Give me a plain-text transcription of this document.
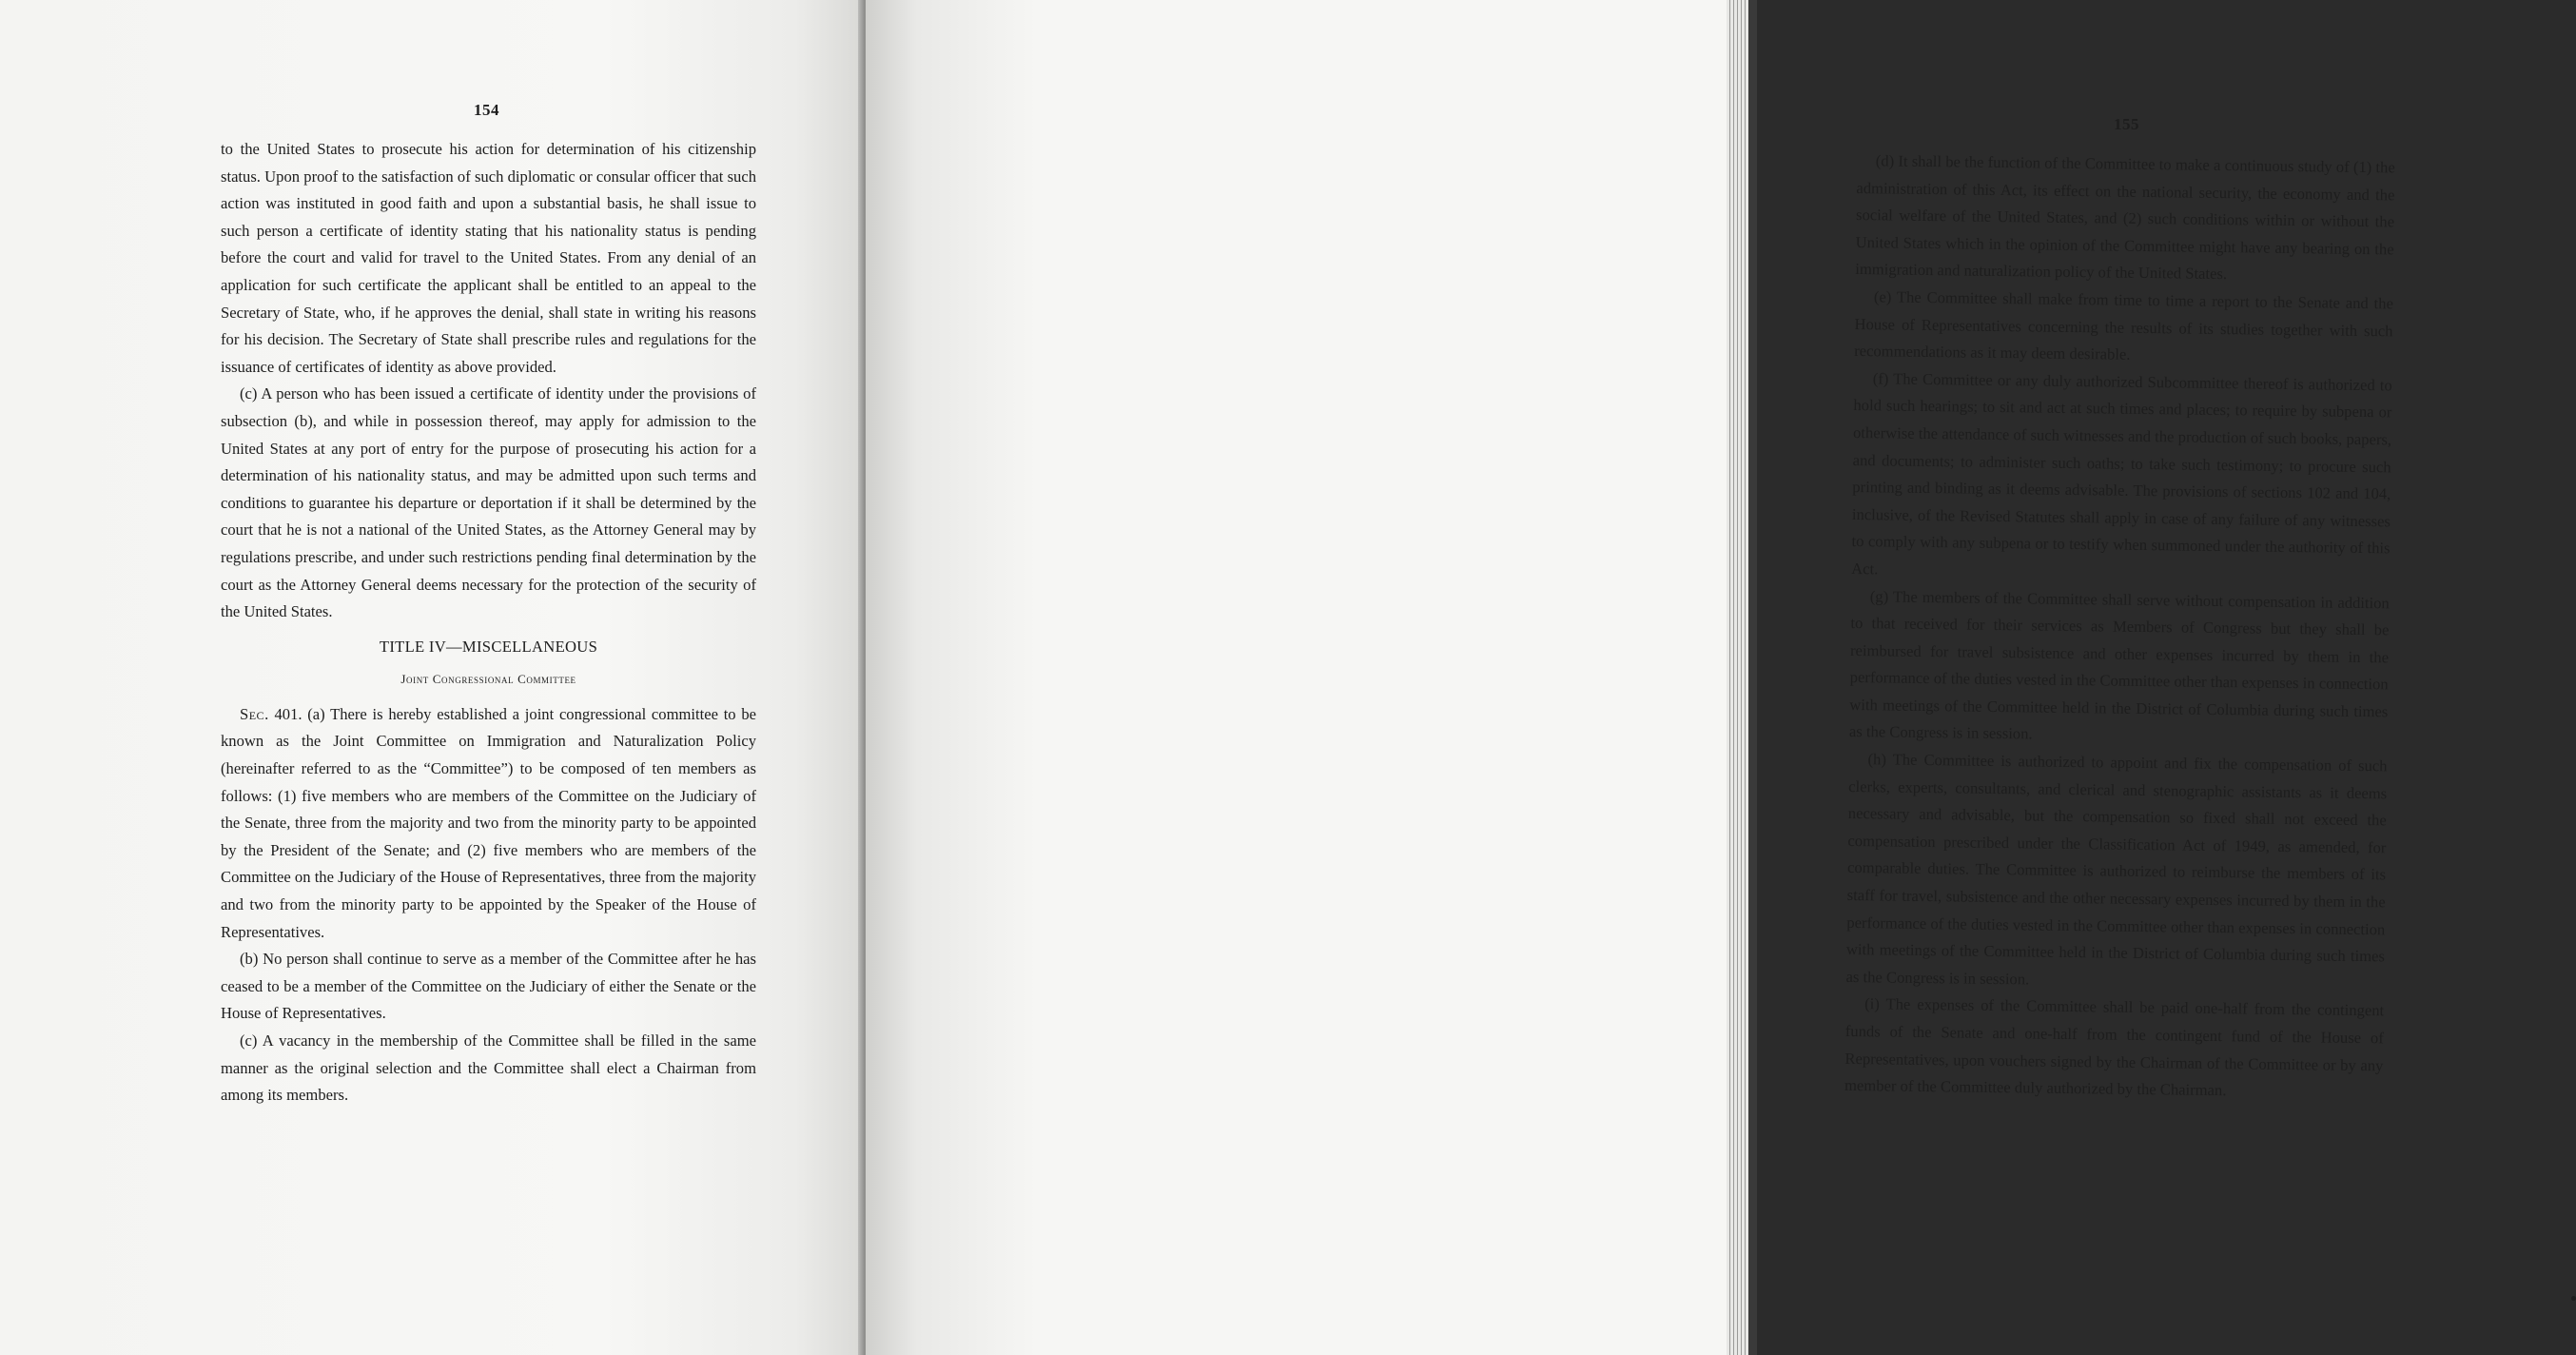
154

to the United States to prosecute his action for determination of his citizenship status. Upon proof to the satisfaction of such diplomatic or consular officer that such action was instituted in good faith and upon a substantial basis, he shall issue to such person a certificate of identity stating that his nationality status is pending before the court and valid for travel to the United States. From any denial of an application for such certificate the applicant shall be entitled to an appeal to the Secretary of State, who, if he approves the denial, shall state in writing his reasons for his decision. The Secretary of State shall prescribe rules and regulations for the issuance of certificates of identity as above provided.

(c) A person who has been issued a certificate of identity under the provisions of subsection (b), and while in possession thereof, may apply for admission to the United States at any port of entry for the purpose of prosecuting his action for a determination of his nationality status, and may be admitted upon such terms and conditions to guarantee his departure or deportation if it shall be determined by the court that he is not a national of the United States, as the Attorney General may by regulations prescribe, and under such restrictions pending final determination by the court as the Attorney General deems necessary for the protection of the security of the United States.

TITLE IV—MISCELLANEOUS
Joint Congressional Committee

Sec. 401. (a) There is hereby established a joint congressional committee to be known as the Joint Committee on Immigration and Naturalization Policy (hereinafter referred to as the “Committee”) to be composed of ten members as follows: (1) five members who are members of the Committee on the Judiciary of the Senate, three from the majority and two from the minority party to be appointed by the President of the Senate; and (2) five members who are members of the Committee on the Judiciary of the House of Representatives, three from the majority and two from the minority party to be appointed by the Speaker of the House of Representatives.

(b) No person shall continue to serve as a member of the Committee after he has ceased to be a member of the Committee on the Judiciary of either the Senate or the House of Representatives.

(c) A vacancy in the membership of the Committee shall be filled in the same manner as the original selection and the Committee shall elect a Chairman from among its members.

155

(d) It shall be the function of the Committee to make a continuous study of (1) the administration of this Act, its effect on the national security, the economy and the social welfare of the United States, and (2) such conditions within or without the United States which in the opinion of the Committee might have any bearing on the immigration and naturalization policy of the United States.

(e) The Committee shall make from time to time a report to the Senate and the House of Representatives concerning the results of its studies together with such recommendations as it may deem desirable.

(f) The Committee or any duly authorized Subcommittee thereof is authorized to hold such hearings; to sit and act at such times and places; to require by subpena or otherwise the attendance of such witnesses and the production of such books, papers, and documents; to administer such oaths; to take such testimony; to procure such printing and binding as it deems advisable. The provisions of sections 102 and 104, inclusive, of the Revised Statutes shall apply in case of any failure of any witnesses to comply with any subpena or to testify when summoned under the authority of this Act.

(g) The members of the Committee shall serve without compensation in addition to that received for their services as Members of Congress but they shall be reimbursed for travel subsistence and other expenses incurred by them in the performance of the duties vested in the Committee other than expenses in connection with meetings of the Committee held in the District of Columbia during such times as the Congress is in session.

(h) The Committee is authorized to appoint and fix the compensation of such clerks, experts, consultants, and clerical and stenographic assistants as it deems necessary and advisable, but the compensation so fixed shall not exceed the compensation prescribed under the Classification Act of 1949, as amended, for comparable duties. The Committee is authorized to reimburse the members of its staff for travel, subsistence and the other necessary expenses incurred by them in the performance of the duties vested in the Committee other than expenses in connection with meetings of the Committee held in the District of Columbia during such times as the Congress is in session.

(i) The expenses of the Committee shall be paid one-half from the contingent funds of the Senate and one-half from the contingent fund of the House of Representatives, upon vouchers signed by the Chairman of the Committee or by any member of the Committee duly authorized by the Chairman.
